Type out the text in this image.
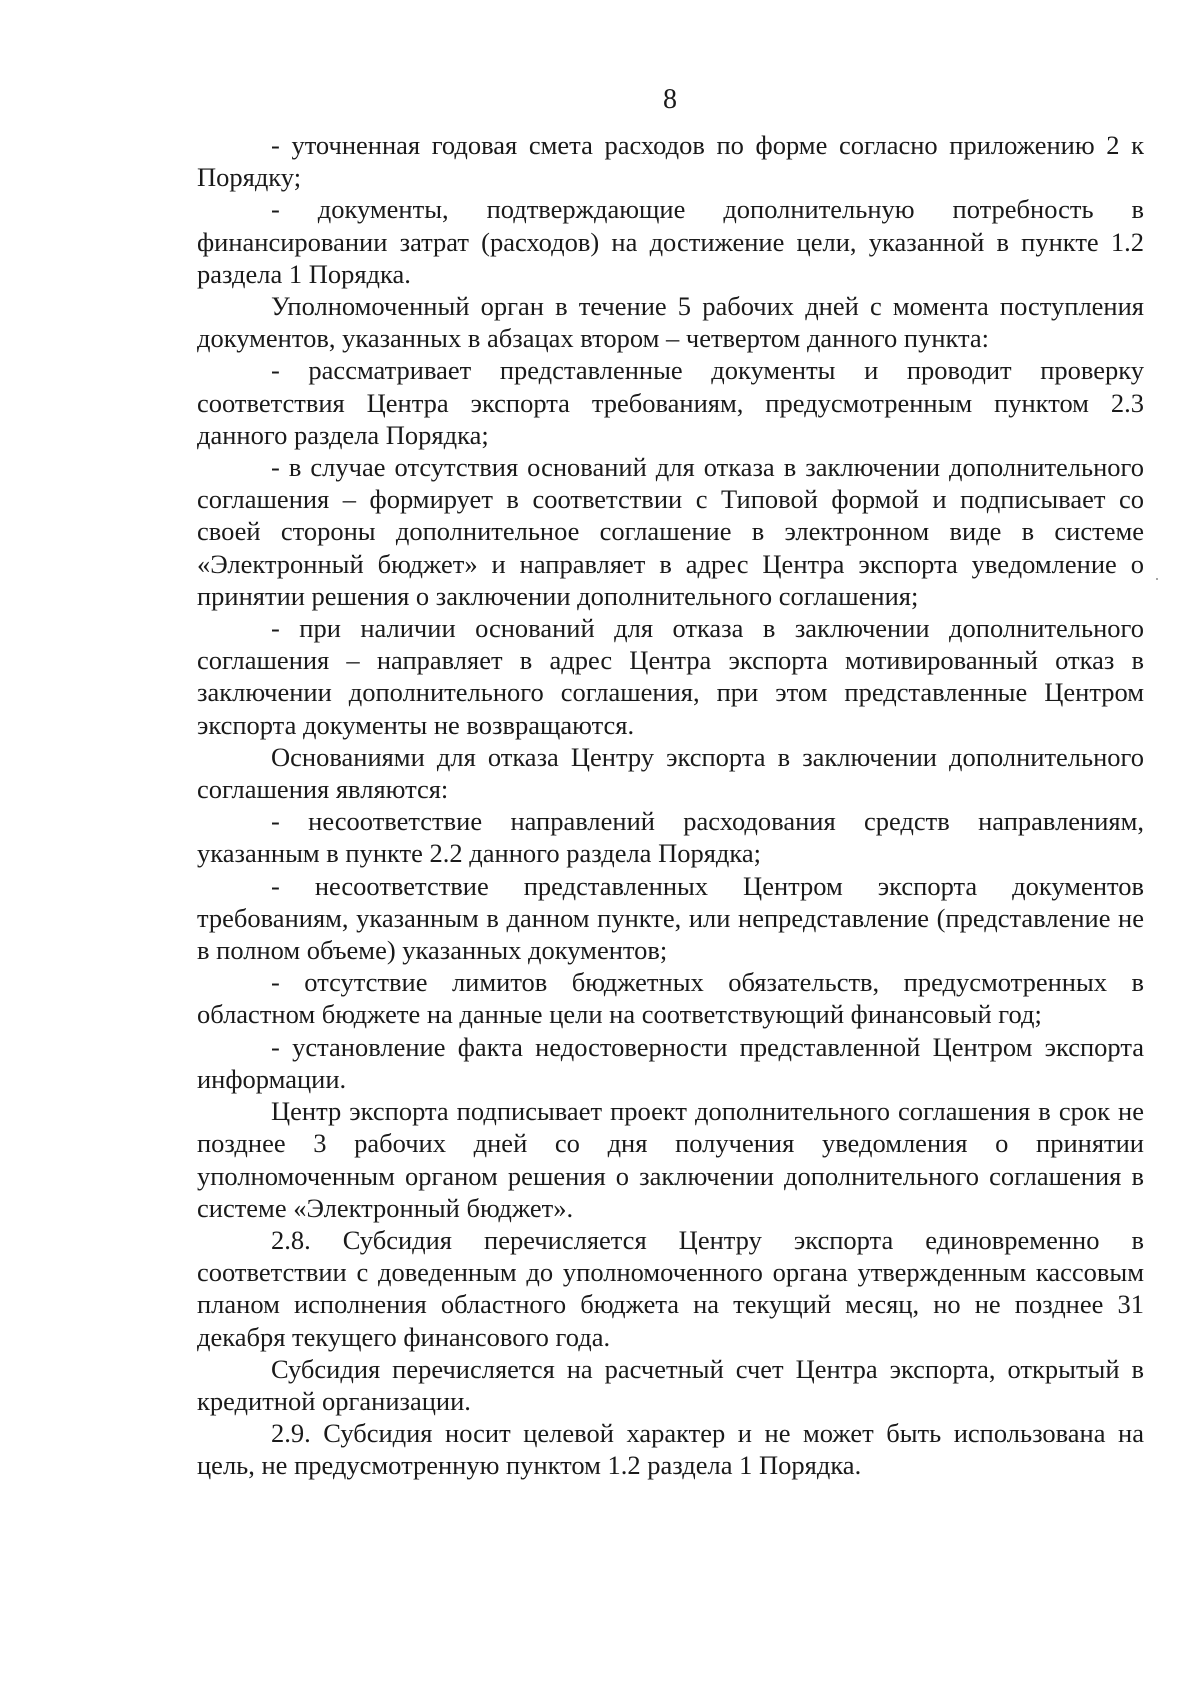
8

- уточненная годовая смета расходов по форме согласно приложению 2 к Порядку;

- документы, подтверждающие дополнительную потребность в финансировании затрат (расходов) на достижение цели, указанной в пункте 1.2 раздела 1 Порядка.

Уполномоченный орган в течение 5 рабочих дней с момента поступления документов, указанных в абзацах втором – четвертом данного пункта:

- рассматривает представленные документы и проводит проверку соответствия Центра экспорта требованиям, предусмотренным пунктом 2.3 данного раздела Порядка;

- в случае отсутствия оснований для отказа в заключении дополнительного соглашения – формирует в соответствии с Типовой формой и подписывает со своей стороны дополнительное соглашение в электронном виде в системе «Электронный бюджет» и направляет в адрес Центра экспорта уведомление о принятии решения о заключении дополнительного соглашения;

- при наличии оснований для отказа в заключении дополнительного соглашения – направляет в адрес Центра экспорта мотивированный отказ в заключении дополнительного соглашения, при этом представленные Центром экспорта документы не возвращаются.

Основаниями для отказа Центру экспорта в заключении дополнительного соглашения являются:

- несоответствие направлений расходования средств направлениям, указанным в пункте 2.2 данного раздела Порядка;

- несоответствие представленных Центром экспорта документов требованиям, указанным в данном пункте, или непредставление (представление не в полном объеме) указанных документов;

- отсутствие лимитов бюджетных обязательств, предусмотренных в областном бюджете на данные цели на соответствующий финансовый год;

- установление факта недостоверности представленной Центром экспорта информации.

Центр экспорта подписывает проект дополнительного соглашения в срок не позднее 3 рабочих дней со дня получения уведомления о принятии уполномоченным органом решения о заключении дополнительного соглашения в системе «Электронный бюджет».

2.8. Субсидия перечисляется Центру экспорта единовременно в соответствии с доведенным до уполномоченного органа утвержденным кассовым планом исполнения областного бюджета на текущий месяц, но не позднее 31 декабря текущего финансового года.

Субсидия перечисляется на расчетный счет Центра экспорта, открытый в кредитной организации.

2.9. Субсидия носит целевой характер и не может быть использована на цель, не предусмотренную пунктом 1.2 раздела 1 Порядка.
